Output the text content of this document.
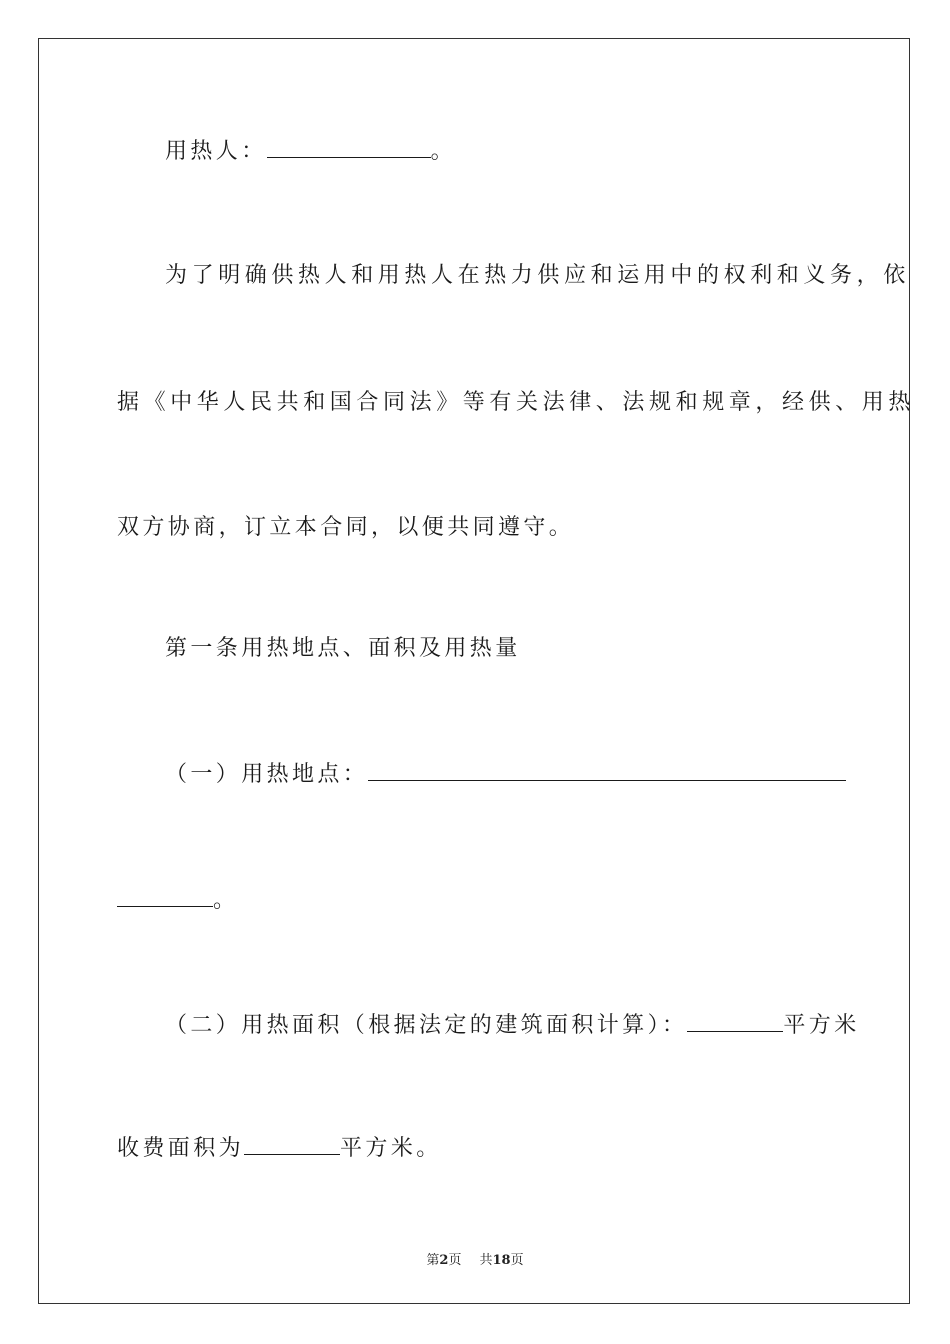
用热人：	。
为了明确供热人和用热人在热力供应和运用中的权利和义务，依
据《中华人民共和国合同法》等有关法律、法规和规章，经供、用热
双方协商，订立本合同，以便共同遵守。
第一条用热地点、面积及用热量
（一）用热地点：
。
（二）用热面积（根据法定的建筑面积计算）：	平方米
收费面积为	平方米。
第2页 共18页
